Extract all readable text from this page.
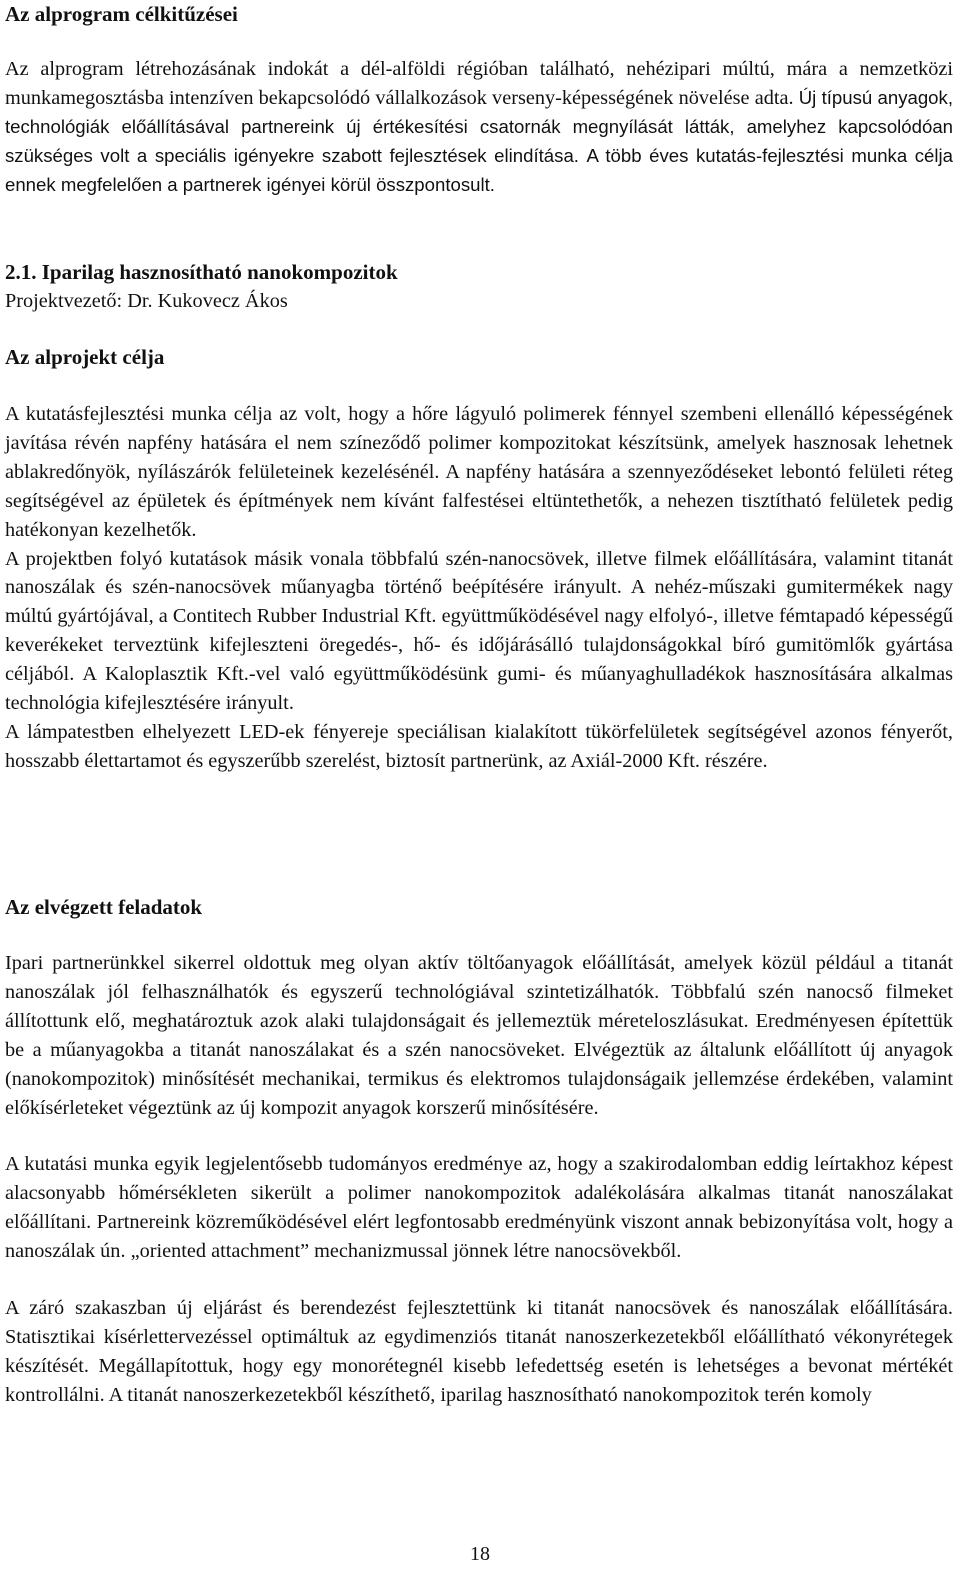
Az alprogram célkitűzései

Az alprogram létrehozásának indokát a dél-alföldi régióban található, nehézipari múltú, mára a nemzetközi munkamegosztásba intenzíven bekapcsolódó vállalkozások verseny-képességének növelése adta. Új típusú anyagok, technológiák előállításával partnereink új értékesítési csatornák megnyílását látták, amelyhez kapcsolódóan szükséges volt a speciális igényekre szabott fejlesztések elindítása. A több éves kutatás-fejlesztési munka célja ennek megfelelően a partnerek igényei körül összpontosult.

2.1. Iparilag hasznosítható nanokompozitok
Projektvezető: Dr. Kukovecz Ákos
Az alprojekt célja

A kutatásfejlesztési munka célja az volt, hogy a hőre lágyuló polimerek fénnyel szembeni ellenálló képességének javítása révén napfény hatására el nem színeződő polimer kompozitokat készítsünk, amelyek hasznosak lehetnek ablakredőnyök, nyílászárók felületeinek kezelésénél. A napfény hatására a szennyeződéseket lebontó felületi réteg segítségével az épületek és építmények nem kívánt falfestései eltüntethetők, a nehezen tisztítható felületek pedig hatékonyan kezelhetők.

A projektben folyó kutatások másik vonala többfalú szén-nanocsövek, illetve filmek előállítására, valamint titanát nanoszálak és szén-nanocsövek műanyagba történő beépítésére irányult. A nehéz-műszaki gumitermékek nagy múltú gyártójával, a Contitech Rubber Industrial Kft. együttműködésével nagy elfolyó-, illetve fémtapadó képességű keverékeket terveztünk kifejleszteni öregedés-, hő- és időjárásálló tulajdonságokkal bíró gumitömlők gyártása céljából. A Kaloplasztik Kft.-vel való együttműködésünk gumi- és műanyaghulladékok hasznosítására alkalmas technológia kifejlesztésére irányult.

A lámpatestben elhelyezett LED-ek fényereje speciálisan kialakított tükörfelületek segítségével azonos fényerőt, hosszabb élettartamot és egyszerűbb szerelést, biztosít partnerünk, az Axiál-2000 Kft. részére.

Az elvégzett feladatok

Ipari partnerünkkel sikerrel oldottuk meg olyan aktív töltőanyagok előállítását, amelyek közül például a titanát nanoszálak jól felhasználhatók és egyszerű technológiával szintetizálhatók. Többfalú szén nanocső filmeket állítottunk elő, meghatároztuk azok alaki tulajdonságait és jellemeztük méreteloszlásukat. Eredményesen építettük be a műanyagokba a titanát nanoszálakat és a szén nanocsöveket. Elvégeztük az általunk előállított új anyagok (nanokompozitok) minősítését mechanikai, termikus és elektromos tulajdonságaik jellemzése érdekében, valamint előkísérleteket végeztünk az új kompozit anyagok korszerű minősítésére.

A kutatási munka egyik legjelentősebb tudományos eredménye az, hogy a szakirodalomban eddig leírtakhoz képest alacsonyabb hőmérsékleten sikerült a polimer nanokompozitok adalékolására alkalmas titanát nanoszálakat előállítani. Partnereink közreműködésével elért legfontosabb eredményünk viszont annak bebizonyítása volt, hogy a nanoszálak ún. „oriented attachment” mechanizmussal jönnek létre nanocsövekből.

A záró szakaszban új eljárást és berendezést fejlesztettünk ki titanát nanocsövek és nanoszálak előállítására. Statisztikai kísérlettervezéssel optimáltuk az egydimenziós titanát nanoszerkezetekből előállítható vékonyrétegek készítését. Megállapítottuk, hogy egy monorétegnél kisebb lefedettség esetén is lehetséges a bevonat mértékét kontrollálni. A titanát nanoszerkezetekből készíthető, iparilag hasznosítható nanokompozitok terén komoly

18
